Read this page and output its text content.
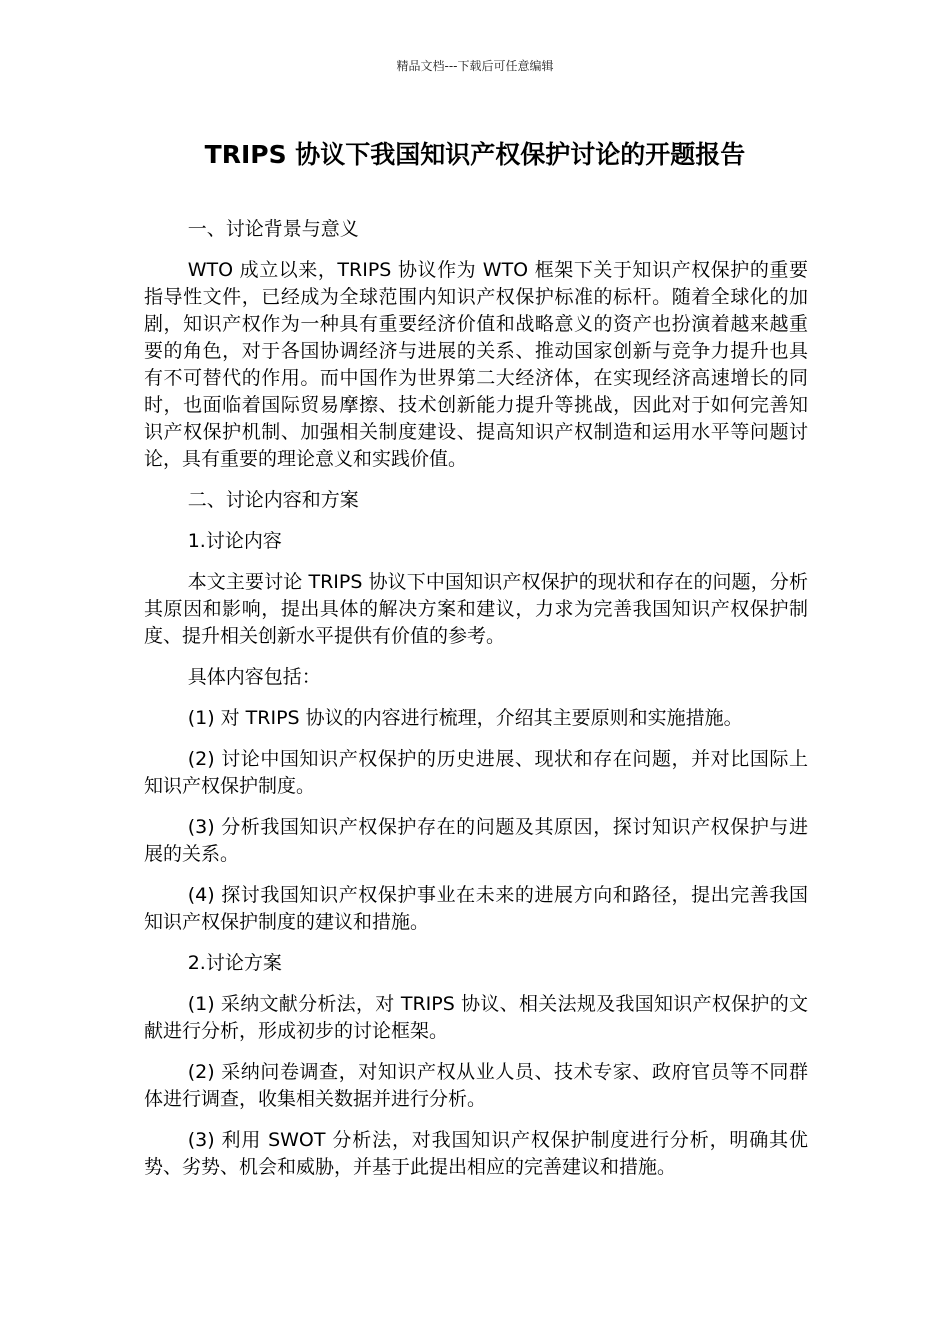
精品文档---下载后可任意编辑
TRIPS 协议下我国知识产权保护讨论的开题报告

一、讨论背景与意义

WTO 成立以来，TRIPS 协议作为 WTO 框架下关于知识产权保护的重要指导性文件，已经成为全球范围内知识产权保护标准的标杆。随着全球化的加剧，知识产权作为一种具有重要经济价值和战略意义的资产也扮演着越来越重要的角色，对于各国协调经济与进展的关系、推动国家创新与竞争力提升也具有不可替代的作用。而中国作为世界第二大经济体，在实现经济高速增长的同时，也面临着国际贸易摩擦、技术创新能力提升等挑战，因此对于如何完善知识产权保护机制、加强相关制度建设、提高知识产权制造和运用水平等问题讨论，具有重要的理论意义和实践价值。

二、讨论内容和方案

1.讨论内容

本文主要讨论 TRIPS 协议下中国知识产权保护的现状和存在的问题，分析其原因和影响，提出具体的解决方案和建议，力求为完善我国知识产权保护制度、提升相关创新水平提供有价值的参考。

具体内容包括：

(1) 对 TRIPS 协议的内容进行梳理，介绍其主要原则和实施措施。

(2) 讨论中国知识产权保护的历史进展、现状和存在问题，并对比国际上知识产权保护制度。

(3) 分析我国知识产权保护存在的问题及其原因，探讨知识产权保护与进展的关系。

(4) 探讨我国知识产权保护事业在未来的进展方向和路径，提出完善我国知识产权保护制度的建议和措施。

2.讨论方案

(1) 采纳文献分析法，对 TRIPS 协议、相关法规及我国知识产权保护的文献进行分析，形成初步的讨论框架。

(2) 采纳问卷调查，对知识产权从业人员、技术专家、政府官员等不同群体进行调查，收集相关数据并进行分析。

(3) 利用 SWOT 分析法，对我国知识产权保护制度进行分析，明确其优势、劣势、机会和威胁，并基于此提出相应的完善建议和措施。
